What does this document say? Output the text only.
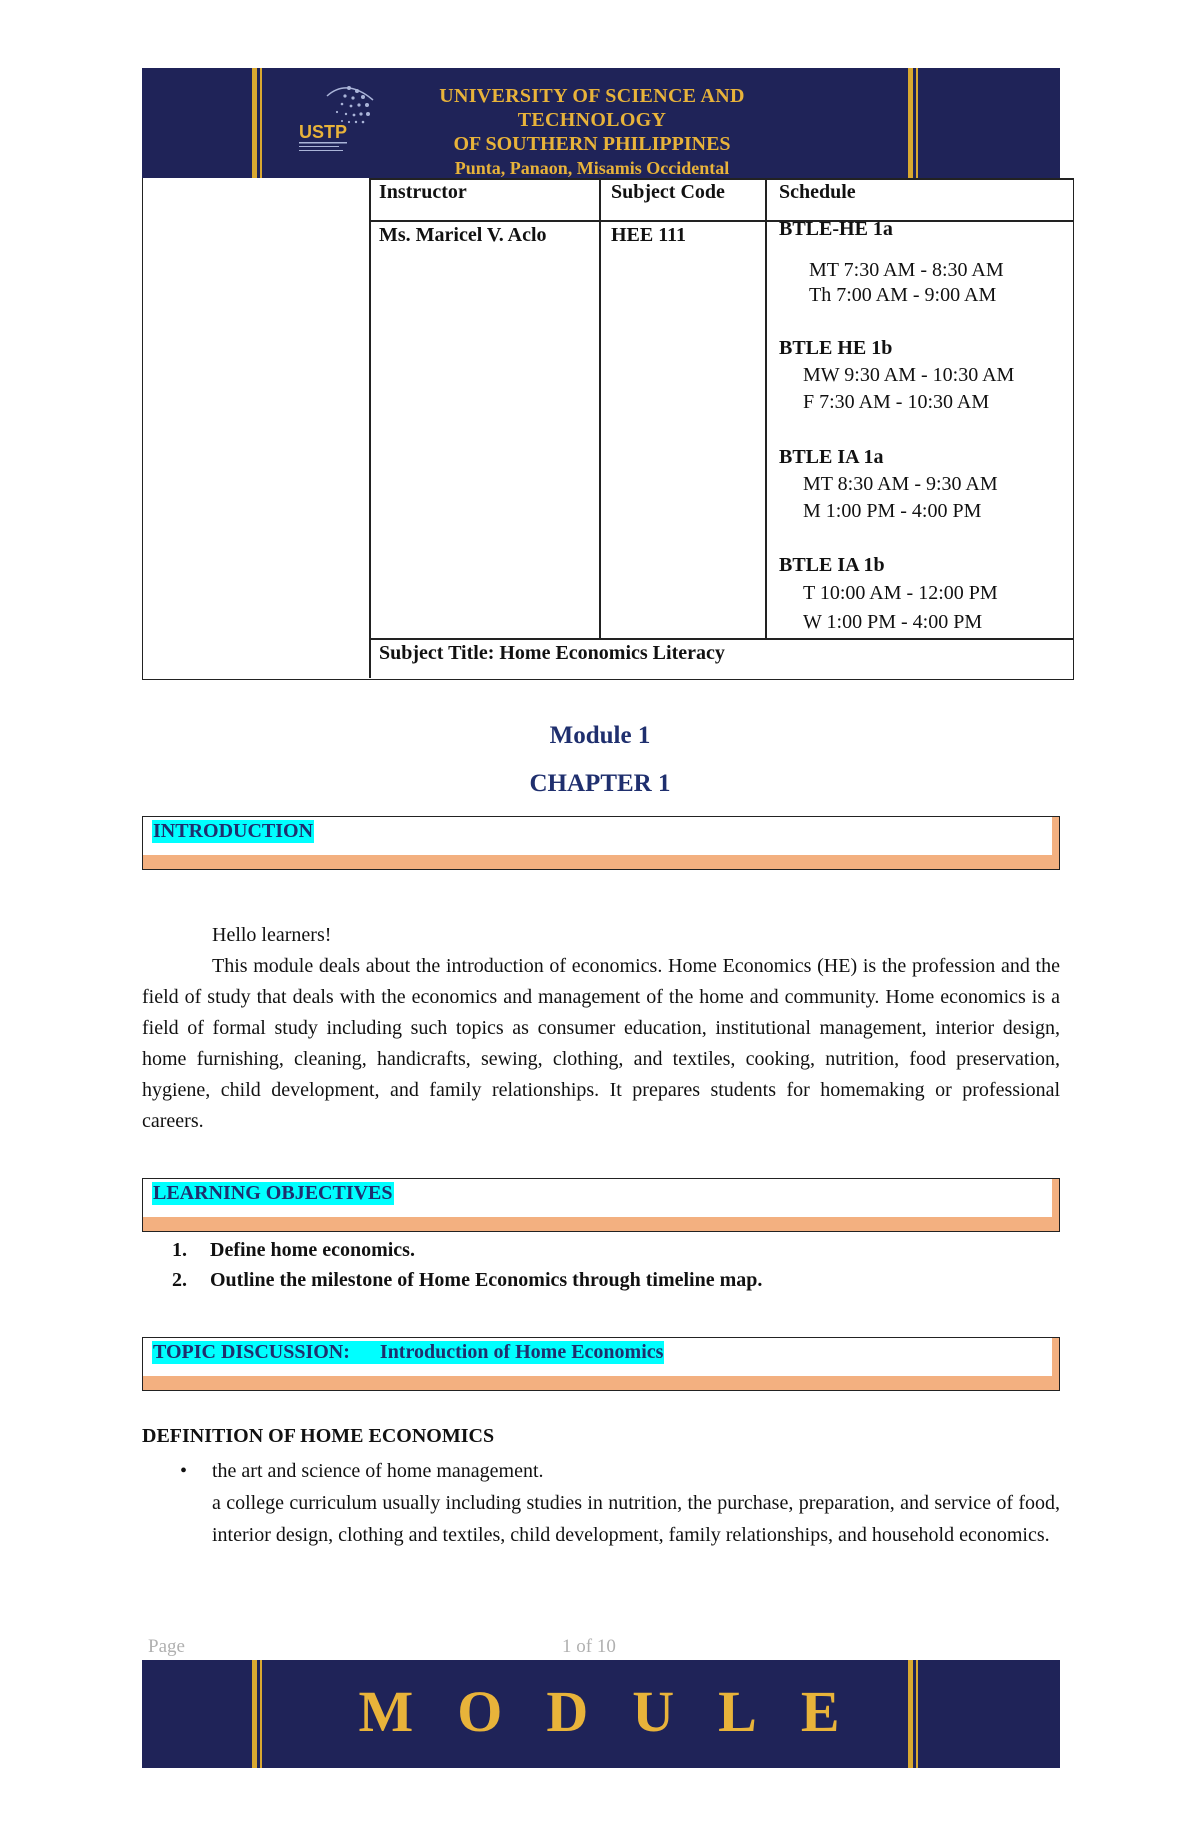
USTP
UNIVERSITY OF SCIENCE AND TECHNOLOGY
OF SOUTHERN PHILIPPINES
Punta, Panaon, Misamis Occidental
Instructor	Subject Code	Schedule
Ms. Maricel V. Aclo	HEE 111	BTLE-HE 1a
MT 7:30 AM - 8:30 AM
Th 7:00 AM - 9:00 AM
BTLE HE 1b
MW 9:30 AM - 10:30 AM
F 7:30 AM - 10:30 AM
BTLE IA 1a
MT 8:30 AM - 9:30 AM
M 1:00 PM - 4:00 PM
BTLE IA 1b
T 10:00 AM - 12:00 PM
W 1:00 PM - 4:00 PM
Subject Title: Home Economics Literacy
Module 1
CHAPTER 1
INTRODUCTION
Hello learners!
This module deals about the introduction of economics. Home Economics (HE) is the profession and the field of study that deals with the economics and management of the home and community. Home economics is a field of formal study including such topics as consumer education, institutional management, interior design, home furnishing, cleaning, handicrafts, sewing, clothing, and textiles, cooking, nutrition, food preservation, hygiene, child development, and family relationships. It prepares students for homemaking or professional careers.
LEARNING OBJECTIVES
1. Define home economics.
2. Outline the milestone of Home Economics through timeline map.
TOPIC DISCUSSION:      Introduction of Home Economics
DEFINITION OF HOME ECONOMICS
• the art and science of home management.
a college curriculum usually including studies in nutrition, the purchase, preparation, and service of food, interior design, clothing and textiles, child development, family relationships, and household economics.
Page	1 of 10
MODULE
